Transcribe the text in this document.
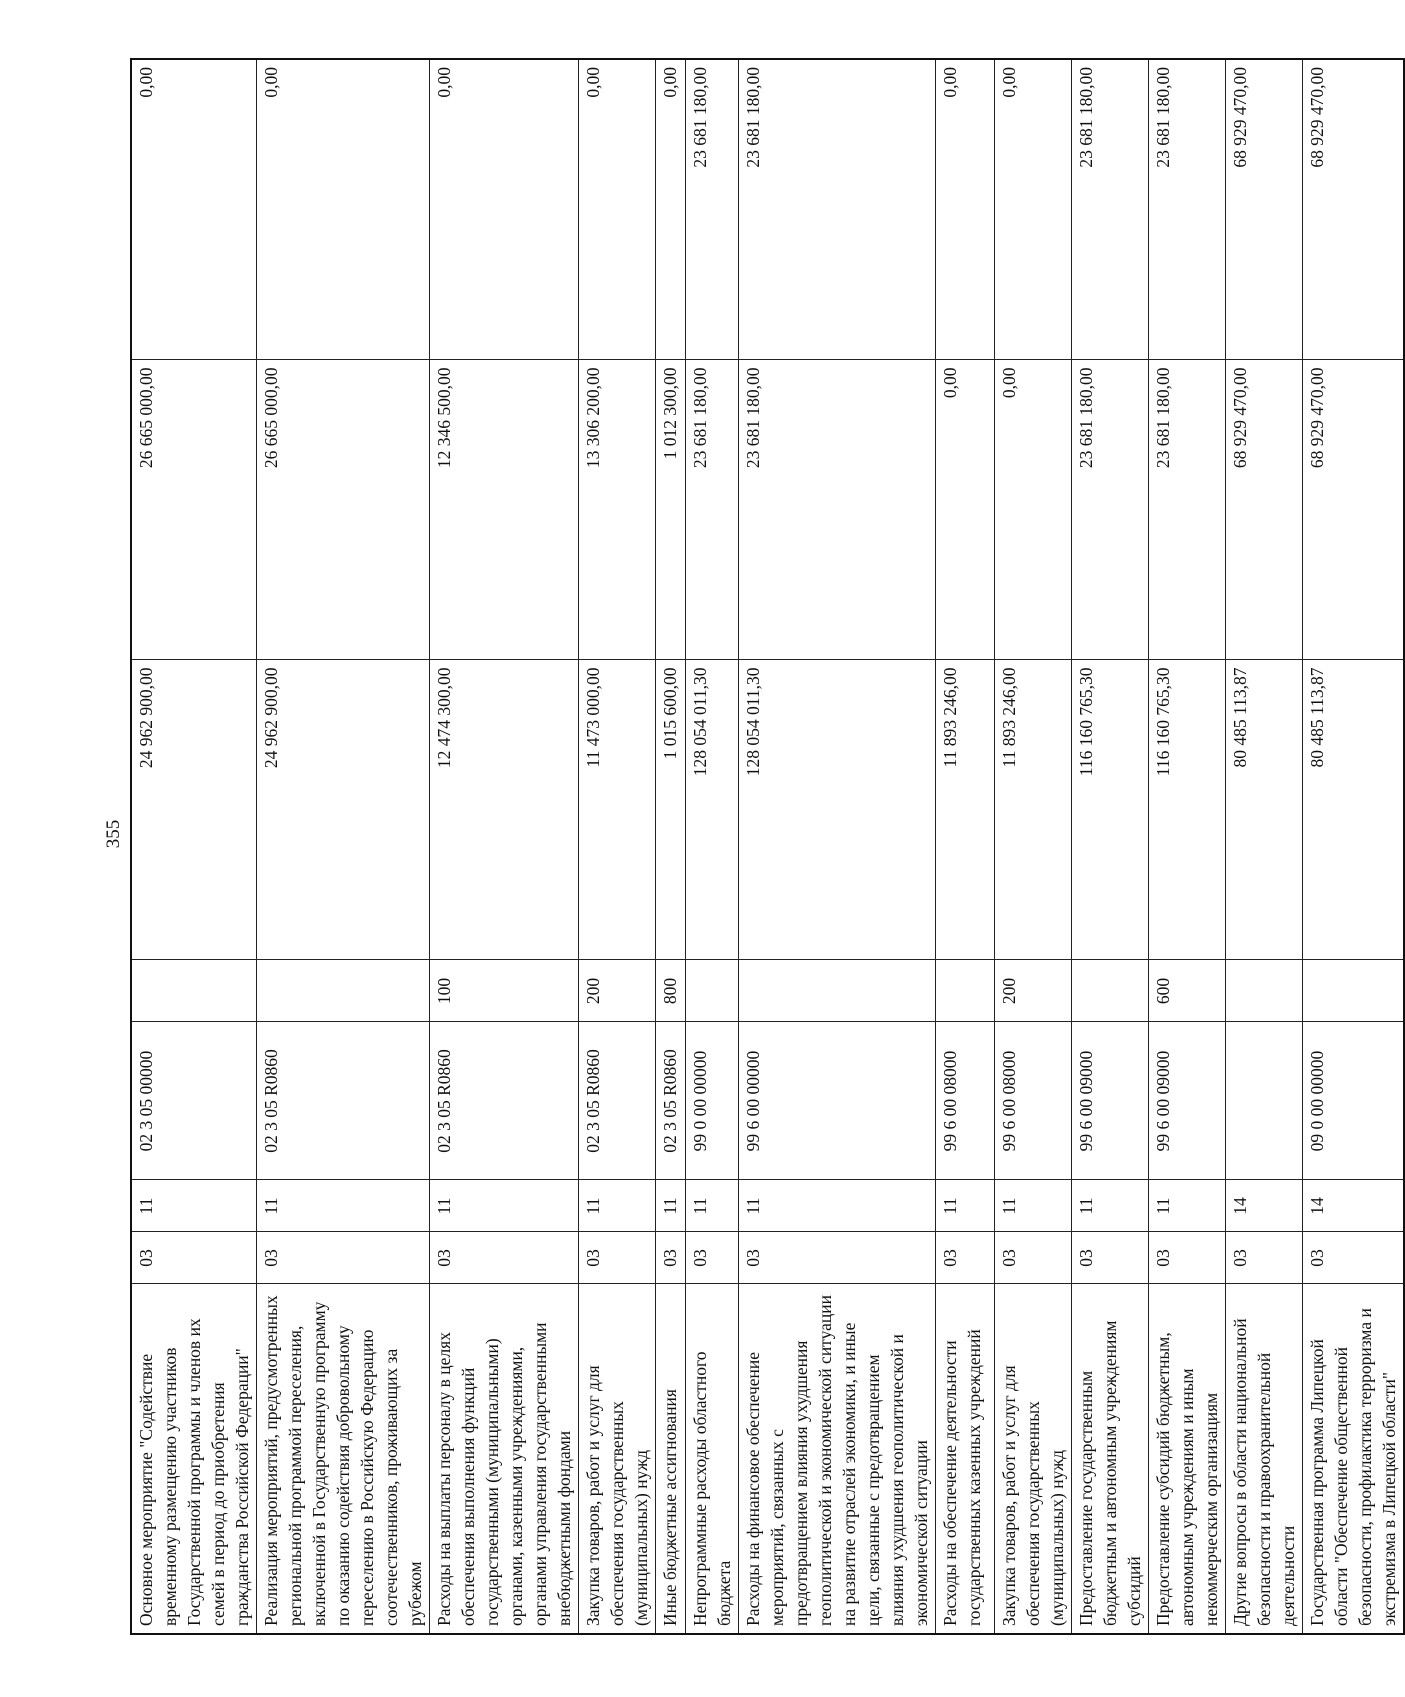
355
Основное мероприятие "Содействие временному размещению участников Государственной программы и членов их семей в период до приобретения гражданства Российской Федерации"	03	11	02 3 05 00000		24 962 900,00	26 665 000,00	0,00
Реализация мероприятий, предусмотренных региональной программой переселения, включенной в Государственную программу по оказанию содействия добровольному переселению в Российскую Федерацию соотечественников, проживающих за рубежом	03	11	02 3 05 R0860		24 962 900,00	26 665 000,00	0,00
Расходы на выплаты персоналу в целях обеспечения выполнения функций государственными (муниципальными) органами, казенными учреждениями, органами управления государственными внебюджетными фондами	03	11	02 3 05 R0860	100	12 474 300,00	12 346 500,00	0,00
Закупка товаров, работ и услуг для обеспечения государственных (муниципальных) нужд	03	11	02 3 05 R0860	200	11 473 000,00	13 306 200,00	0,00
Иные бюджетные ассигнования	03	11	02 3 05 R0860	800	1 015 600,00	1 012 300,00	0,00
Непрограммные расходы областного бюджета	03	11	99 0 00 00000		128 054 011,30	23 681 180,00	23 681 180,00
Расходы на финансовое обеспечение мероприятий, связанных с предотвращением влияния ухудшения геополитической и экономической ситуации на развитие отраслей экономики, и иные цели, связанные с предотвращением влияния ухудшения геополитической и экономической ситуации	03	11	99 6 00 00000		128 054 011,30	23 681 180,00	23 681 180,00
Расходы на обеспечение деятельности государственных казенных учреждений	03	11	99 6 00 08000		11 893 246,00	0,00	0,00
Закупка товаров, работ и услуг для обеспечения государственных (муниципальных) нужд	03	11	99 6 00 08000	200	11 893 246,00	0,00	0,00
Предоставление государственным бюджетным и автономным учреждениям субсидий	03	11	99 6 00 09000		116 160 765,30	23 681 180,00	23 681 180,00
Предоставление субсидий бюджетным, автономным учреждениям и иным некоммерческим организациям	03	11	99 6 00 09000	600	116 160 765,30	23 681 180,00	23 681 180,00
Другие вопросы в области национальной безопасности и правоохранительной деятельности	03	14			80 485 113,87	68 929 470,00	68 929 470,00
Государственная программа Липецкой области "Обеспечение общественной безопасности, профилактика терроризма и экстремизма в Липецкой области"	03	14	09 0 00 00000		80 485 113,87	68 929 470,00	68 929 470,00
